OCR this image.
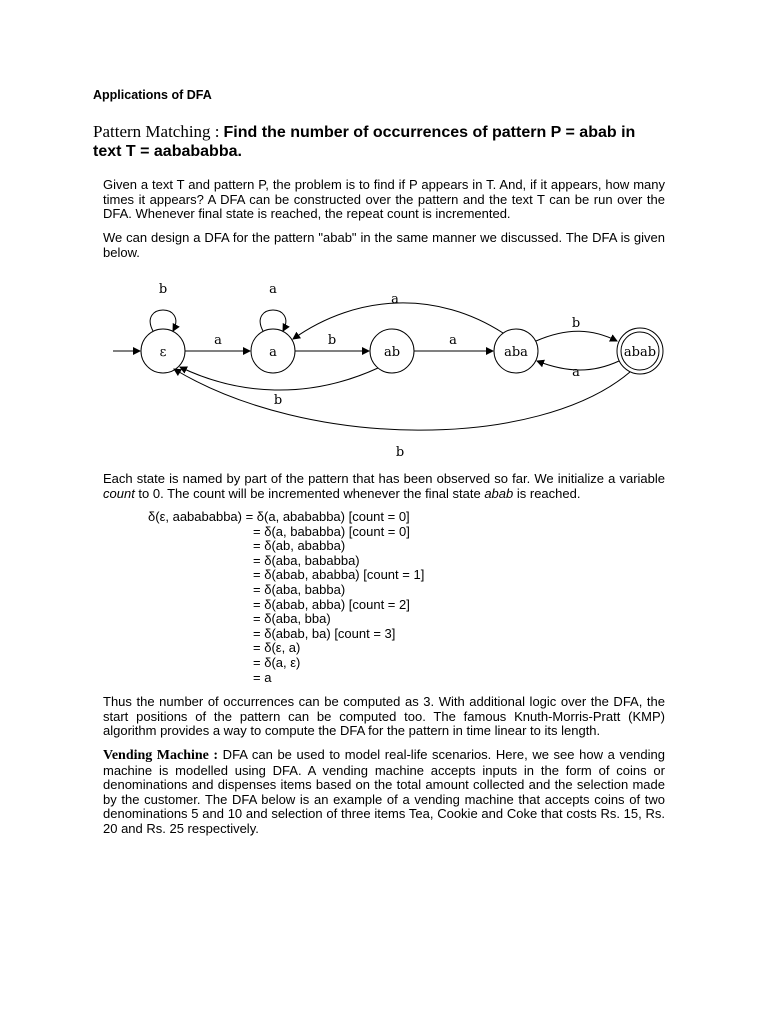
Applications of DFA
Pattern Matching : Find the number of occurrences of pattern P = abab in text T = aabababba.
Given a text T and pattern P, the problem is to find if P appears in T. And, if it appears, how many times it appears? A DFA can be constructed over the pattern and the text T can be run over the DFA. Whenever final state is reached, the repeat count is incremented.
We can design a DFA for the pattern "abab" in the same manner we discussed. The DFA is given below.
ε	a	ab	aba	abab
b	a
a	b	a
a
b
a
b
b
Each state is named by part of the pattern that has been observed so far. We initialize a variable count to 0. The count will be incremented whenever the final state abab is reached.
δ(ε, aabababba) = δ(a, abababba) [count = 0]
= δ(a, bababba) [count = 0]
= δ(ab, ababba)
= δ(aba, bababba)
= δ(abab, ababba) [count = 1]
= δ(aba, babba)
= δ(abab, abba) [count = 2]
= δ(aba, bba)
= δ(abab, ba) [count = 3]
= δ(ε, a)
= δ(a, ε)
= a
Thus the number of occurrences can be computed as 3. With additional logic over the DFA, the start positions of the pattern can be computed too. The famous Knuth-Morris-Pratt (KMP) algorithm provides a way to compute the DFA for the pattern in time linear to its length.
Vending Machine : DFA can be used to model real-life scenarios. Here, we see how a vending machine is modelled using DFA. A vending machine accepts inputs in the form of coins or denominations and dispenses items based on the total amount collected and the selection made by the customer. The DFA below is an example of a vending machine that accepts coins of two denominations 5 and 10 and selection of three items Tea, Cookie and Coke that costs Rs. 15, Rs. 20 and Rs. 25 respectively.
